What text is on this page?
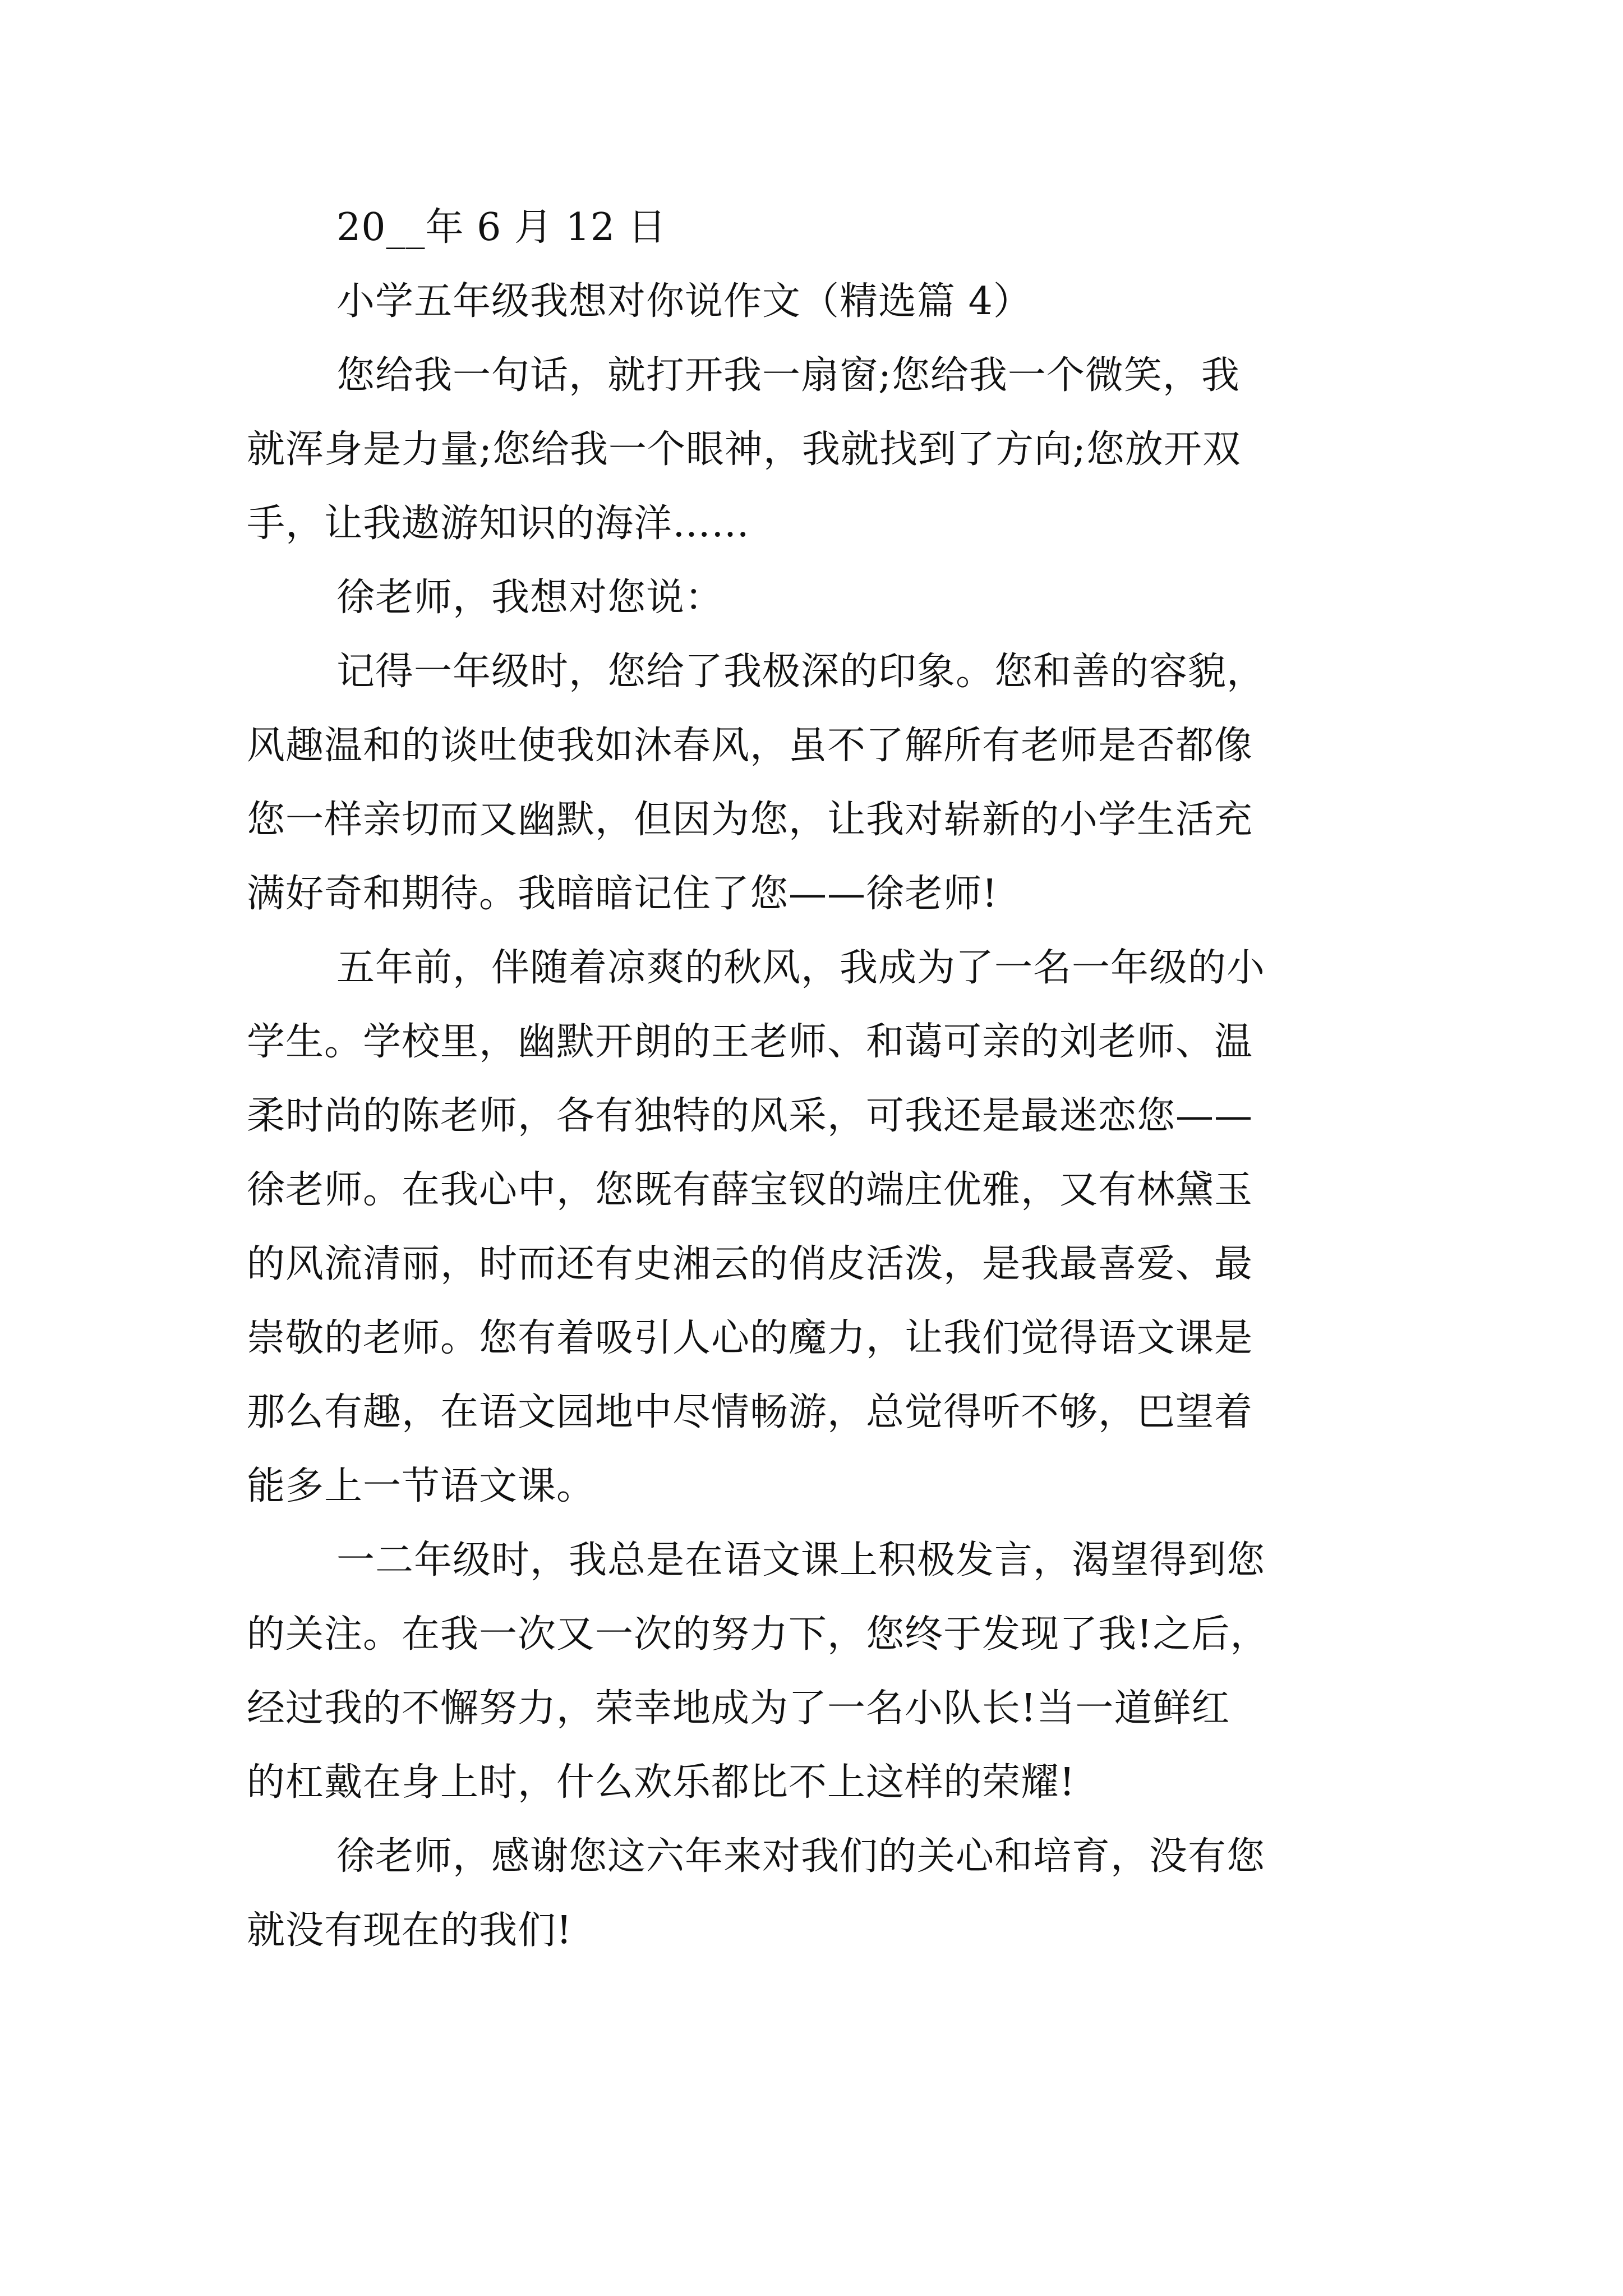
20__年 6 月 12 日
小学五年级我想对你说作文（精选篇 4）
您给我一句话，就打开我一扇窗;您给我一个微笑，我
就浑身是力量;您给我一个眼神，我就找到了方向;您放开双
手，让我遨游知识的海洋……
徐老师，我想对您说：
记得一年级时，您给了我极深的印象。您和善的容貌，
风趣温和的谈吐使我如沐春风，虽不了解所有老师是否都像
您一样亲切而又幽默，但因为您，让我对崭新的小学生活充
满好奇和期待。我暗暗记住了您——徐老师!
五年前，伴随着凉爽的秋风，我成为了一名一年级的小
学生。学校里，幽默开朗的王老师、和蔼可亲的刘老师、温
柔时尚的陈老师，各有独特的风采，可我还是最迷恋您——
徐老师。在我心中，您既有薛宝钗的端庄优雅，又有林黛玉
的风流清丽，时而还有史湘云的俏皮活泼，是我最喜爱、最
崇敬的老师。您有着吸引人心的魔力，让我们觉得语文课是
那么有趣，在语文园地中尽情畅游，总觉得听不够，巴望着
能多上一节语文课。
一二年级时，我总是在语文课上积极发言，渴望得到您
的关注。在我一次又一次的努力下，您终于发现了我!之后，
经过我的不懈努力，荣幸地成为了一名小队长!当一道鲜红
的杠戴在身上时，什么欢乐都比不上这样的荣耀!
徐老师，感谢您这六年来对我们的关心和培育，没有您
就没有现在的我们!
